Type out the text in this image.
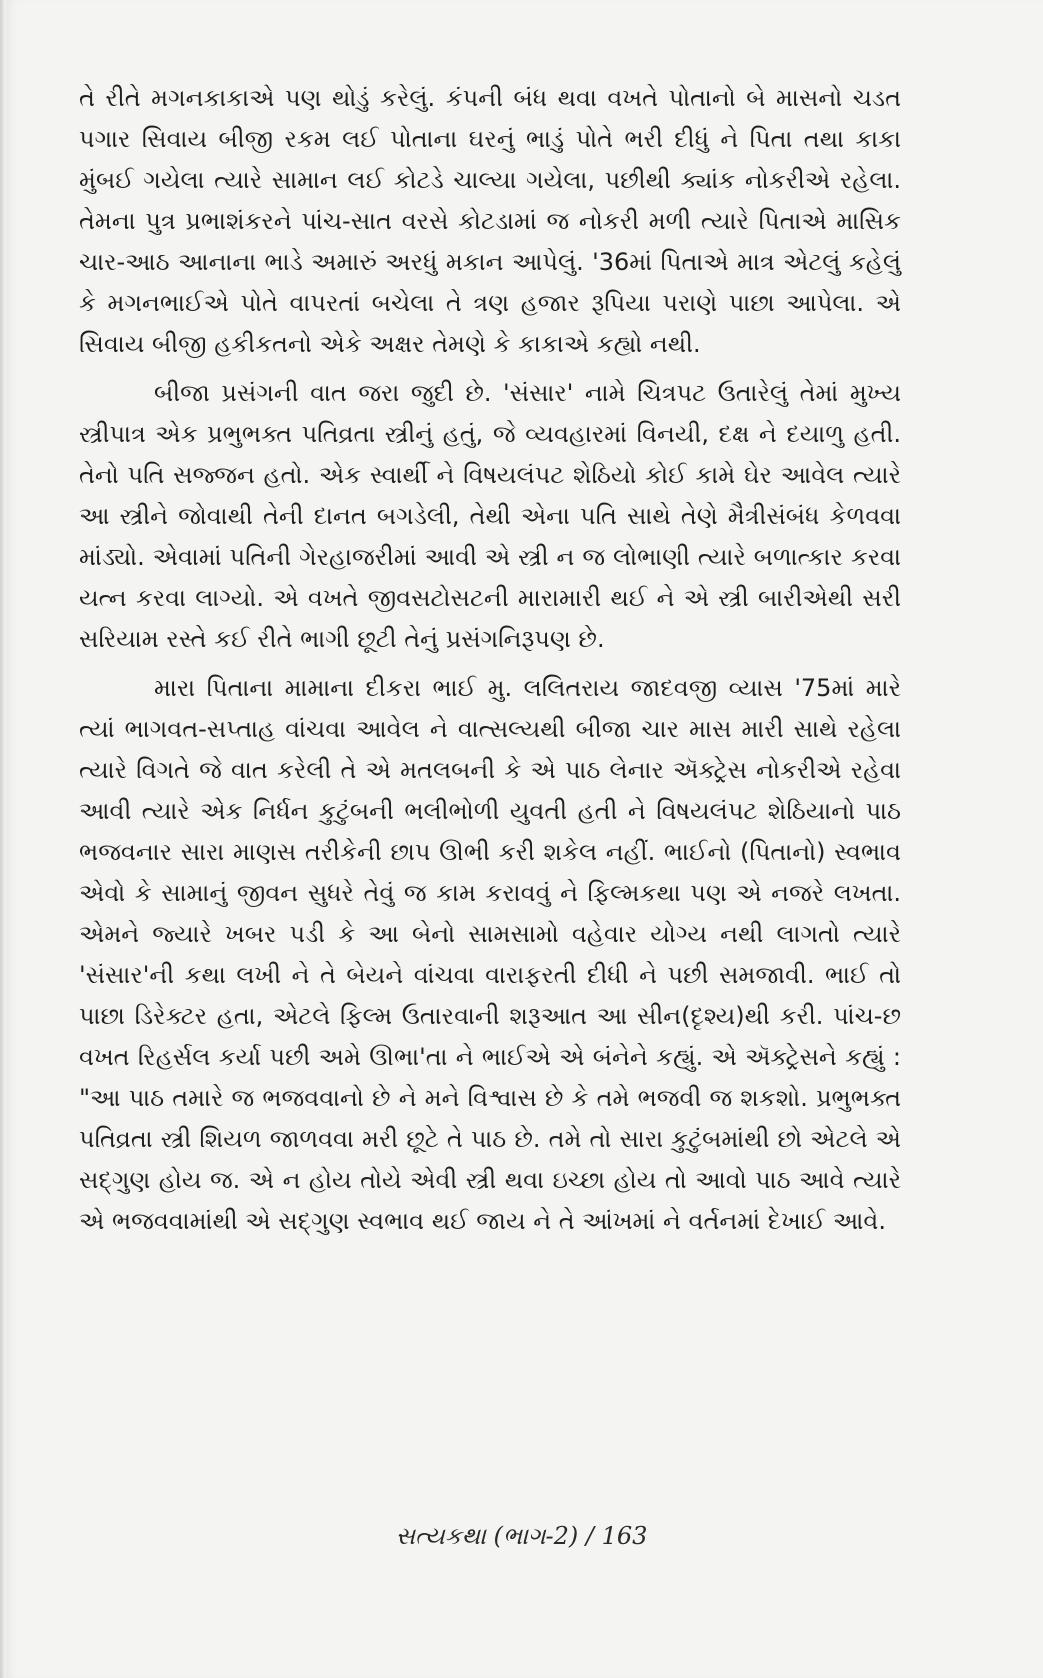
તે રીતે મગનકાકાએ પણ થોડું કરેલું. કંપની બંધ થવા વખતે પોતાનો બે માસનો ચડત પગાર સિવાય બીજી રકમ લઈ પોતાના ઘરનું ભાડું પોતે ભરી દીધું ને પિતા તથા કાકા મુંબઈ ગયેલા ત્યારે સામાન લઈ કોટડે ચાલ્યા ગયેલા, પછીથી ક્યાંક નોકરીએ રહેલા. તેમના પુત્ર પ્રભાશંકરને પાંચ-સાત વરસે કોટડામાં જ નોકરી મળી ત્યારે પિતાએ માસિક ચાર-આઠ આનાના ભાડે અમારું અરધું મકાન આપેલું. '36માં પિતાએ માત્ર એટલું કહેલું કે મગનભાઈએ પોતે વાપરતાં બચેલા તે ત્રણ હજાર રૂપિયા પરાણે પાછા આપેલા. એ સિવાય બીજી હકીકતનો એકે અક્ષર તેમણે કે કાકાએ કહ્યો નથી.

બીજા પ્રસંગની વાત જરા જુદી છે. 'સંસાર' નામે ચિત્રપટ ઉતારેલું તેમાં મુખ્ય સ્ત્રીપાત્ર એક પ્રભુભક્ત પતિવ્રતા સ્ત્રીનું હતું, જે વ્યવહારમાં વિનયી, દક્ષ ને દયાળુ હતી. તેનો પતિ સજ્જન હતો. એક સ્વાર્થી ને વિષયલંપટ શેઠિયો કોઈ કામે ઘેર આવેલ ત્યારે આ સ્ત્રીને જોવાથી તેની દાનત બગડેલી, તેથી એના પતિ સાથે તેણે મૈત્રીસંબંધ કેળવવા માંડ્યો. એવામાં પતિની ગેરહાજરીમાં આવી એ સ્ત્રી ન જ લોભાણી ત્યારે બળાત્કાર કરવા યત્ન કરવા લાગ્યો. એ વખતે જીવસટોસટની મારામારી થઈ ને એ સ્ત્રી બારીએથી સરી સરિયામ રસ્તે કઈ રીતે ભાગી છૂટી તેનું પ્રસંગનિરૂપણ છે.

મારા પિતાના મામાના દીકરા ભાઈ મુ. લલિતરાય જાદવજી વ્યાસ '75માં મારે ત્યાં ભાગવત-સપ્તાહ વાંચવા આવેલ ને વાત્સલ્યથી બીજા ચાર માસ મારી સાથે રહેલા ત્યારે વિગતે જે વાત કરેલી તે એ મતલબની કે એ પાઠ લેનાર ઍક્ટ્રેસ નોકરીએ રહેવા આવી ત્યારે એક નિર્ધન કુટુંબની ભલીભોળી યુવતી હતી ને વિષયલંપટ શેઠિયાનો પાઠ ભજવનાર સારા માણસ તરીકેની છાપ ઊભી કરી શકેલ નહીં. ભાઈનો (પિતાનો) સ્વભાવ એવો કે સામાનું જીવન સુધરે તેવું જ કામ કરાવવું ને ફિલ્મકથા પણ એ નજરે લખતા. એમને જ્યારે ખબર પડી કે આ બેનો સામસામો વહેવાર યોગ્ય નથી લાગતો ત્યારે 'સંસાર'ની કથા લખી ને તે બેયને વાંચવા વારાફરતી દીધી ને પછી સમજાવી. ભાઈ તો પાછા ડિરેક્ટર હતા, એટલે ફિલ્મ ઉતારવાની શરૂઆત આ સીન(દૃશ્ય)થી કરી. પાંચ-છ વખત રિહર્સલ કર્યા પછી અમે ઊભા'તા ને ભાઈએ એ બંનેને કહ્યું. એ ઍક્ટ્રેસને કહ્યું : "આ પાઠ તમારે જ ભજવવાનો છે ને મને વિશ્વાસ છે કે તમે ભજવી જ શકશો. પ્રભુભક્ત પતિવ્રતા સ્ત્રી શિયળ જાળવવા મરી છૂટે તે પાઠ છે. તમે તો સારા કુટુંબમાંથી છો એટલે એ સદ્ગુણ હોય જ. એ ન હોય તોયે એવી સ્ત્રી થવા ઇચ્છા હોય તો આવો પાઠ આવે ત્યારે એ ભજવવામાંથી એ સદ્ગુણ સ્વભાવ થઈ જાય ને તે આંખમાં ને વર્તનમાં દેખાઈ આવે.

સત્યકથા (ભાગ-2) / 163
